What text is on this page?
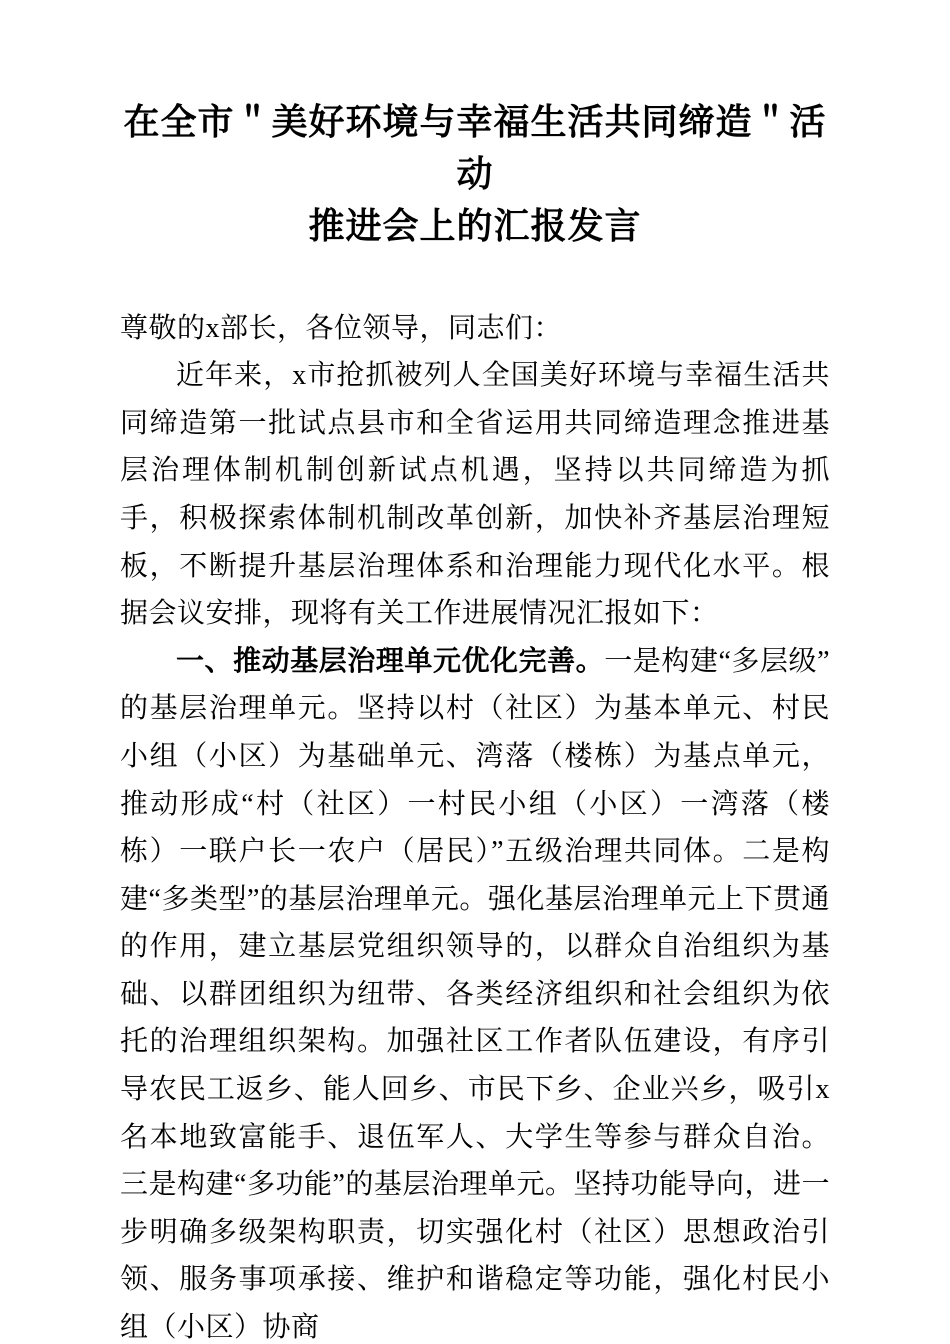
在全市＂美好环境与幸福生活共同缔造＂活动
推进会上的汇报发言

尊敬的x部长，各位领导，同志们：

近年来，x市抢抓被列人全国美好环境与幸福生活共同缔造第一批试点县市和全省运用共同缔造理念推进基层治理体制机制创新试点机遇，坚持以共同缔造为抓手，积极探索体制机制改革创新，加快补齐基层治理短板，不断提升基层治理体系和治理能力现代化水平。根据会议安排，现将有关工作进展情况汇报如下：

一、推动基层治理单元优化完善。一是构建“多层级”的基层治理单元。坚持以村（社区）为基本单元、村民小组（小区）为基础单元、湾落（楼栋）为基点单元，推动形成“村（社区）一村民小组（小区）一湾落（楼栋）一联户长一农户（居民）”五级治理共同体。二是构建“多类型”的基层治理单元。强化基层治理单元上下贯通的作用，建立基层党组织领导的，以群众自治组织为基础、以群团组织为纽带、各类经济组织和社会组织为依托的治理组织架构。加强社区工作者队伍建设，有序引导农民工返乡、能人回乡、市民下乡、企业兴乡，吸引x名本地致富能手、退伍军人、大学生等参与群众自治。三是构建“多功能”的基层治理单元。坚持功能导向，进一步明确多级架构职责，切实强化村（社区）思想政治引领、服务事项承接、维护和谐稳定等功能，强化村民小组（小区）协商
